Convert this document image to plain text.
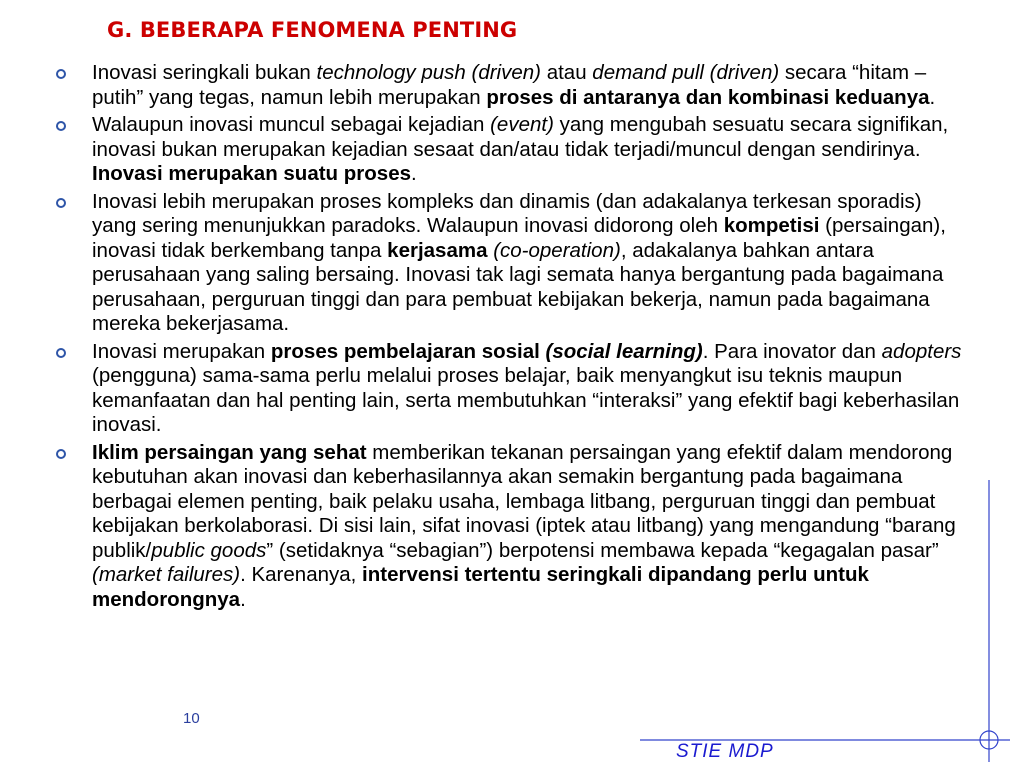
G. BEBERAPA FENOMENA PENTING
Inovasi seringkali bukan technology push (driven) atau demand pull (driven) secara “hitam – putih” yang tegas, namun lebih merupakan proses di antaranya dan kombinasi keduanya.
Walaupun inovasi muncul sebagai kejadian (event) yang mengubah sesuatu secara signifikan, inovasi bukan merupakan kejadian sesaat dan/atau tidak terjadi/muncul dengan sendirinya. Inovasi merupakan suatu proses.
Inovasi lebih merupakan proses kompleks dan dinamis (dan adakalanya terkesan sporadis) yang sering menunjukkan paradoks. Walaupun inovasi didorong oleh kompetisi (persaingan), inovasi tidak berkembang tanpa kerjasama (co-operation), adakalanya bahkan antara perusahaan yang saling bersaing. Inovasi tak lagi semata hanya bergantung pada bagaimana perusahaan, perguruan tinggi dan para pembuat kebijakan bekerja, namun pada bagaimana mereka bekerjasama.
Inovasi merupakan proses pembelajaran sosial (social learning). Para inovator dan adopters (pengguna) sama-sama perlu melalui proses belajar, baik menyangkut isu teknis maupun kemanfaatan dan hal penting lain, serta membutuhkan “interaksi” yang efektif bagi keberhasilan inovasi.
Iklim persaingan yang sehat memberikan tekanan persaingan yang efektif dalam mendorong kebutuhan akan inovasi dan keberhasilannya akan semakin bergantung pada bagaimana berbagai elemen penting, baik pelaku usaha, lembaga litbang, perguruan tinggi dan pembuat kebijakan berkolaborasi. Di sisi lain, sifat inovasi (iptek atau litbang) yang mengandung “barang publik/public goods” (setidaknya “sebagian”) berpotensi membawa kepada “kegagalan pasar” (market failures). Karenanya, intervensi tertentu seringkali dipandang perlu untuk mendorongnya.
10
STIE MDP
